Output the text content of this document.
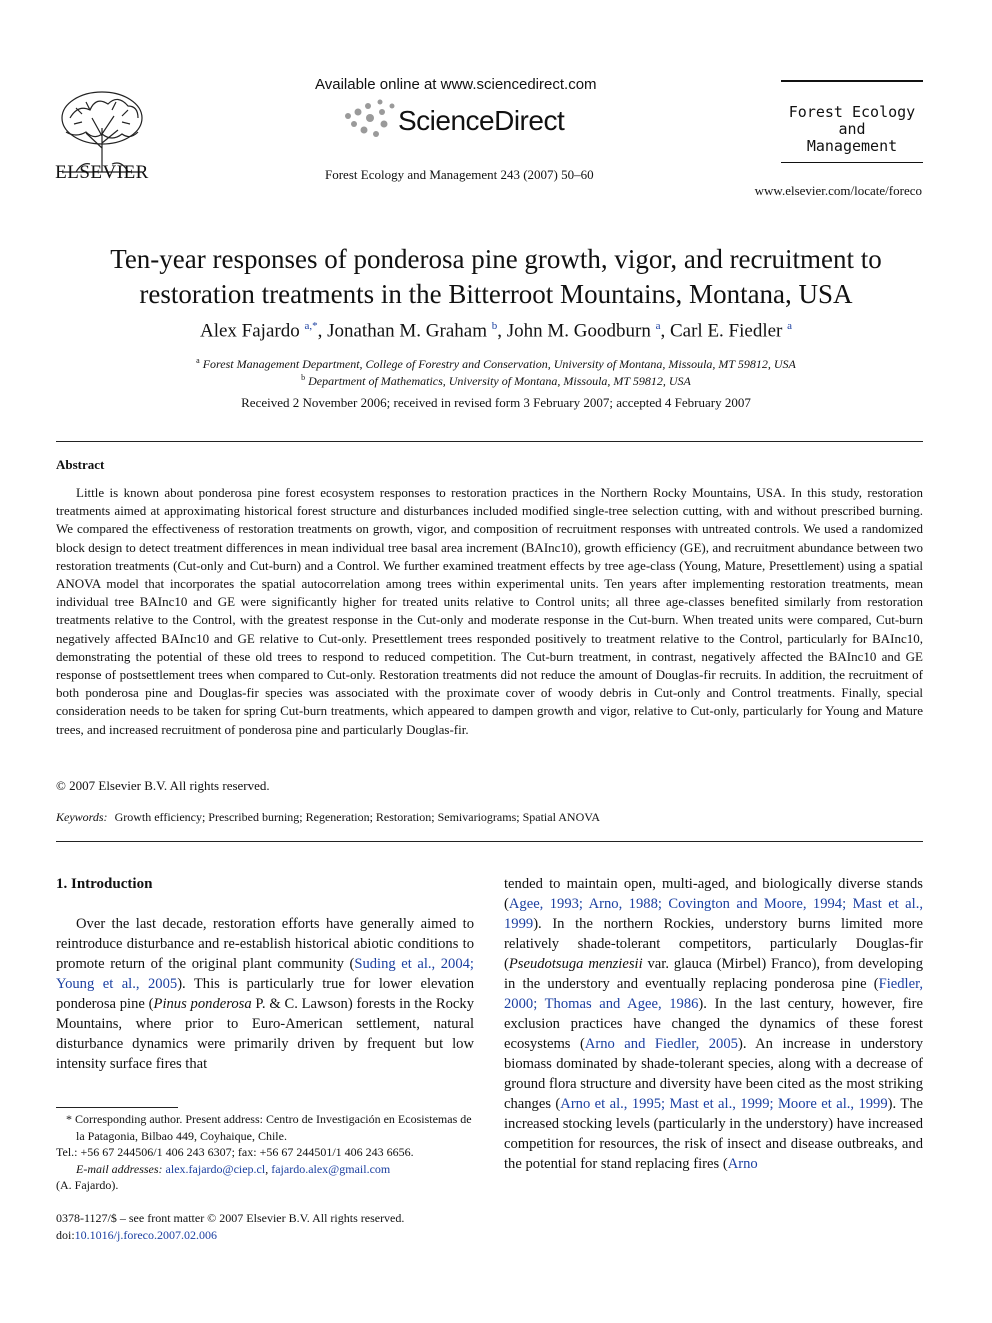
ELSEVIER
Available online at www.sciencedirect.com
ScienceDirect
Forest Ecology and Management 243 (2007) 50–60
Forest Ecology
and
Management
www.elsevier.com/locate/foreco
Ten-year responses of ponderosa pine growth, vigor, and recruitment to
restoration treatments in the Bitterroot Mountains, Montana, USA
Alex Fajardo $^{a,*}$, Jonathan M. Graham $^b$, John M. Goodburn $^a$, Carl E. Fiedler $^a$
$^a$ Forest Management Department, College of Forestry and Conservation, University of Montana, Missoula, MT 59812, USA
$^b$ Department of Mathematics, University of Montana, Missoula, MT 59812, USA
Received 2 November 2006; received in revised form 3 February 2007; accepted 4 February 2007
Abstract
Little is known about ponderosa pine forest ecosystem responses to restoration practices in the Northern Rocky Mountains, USA. In this study, restoration treatments aimed at approximating historical forest structure and disturbances included modified single-tree selection cutting, with and without prescribed burning. We compared the effectiveness of restoration treatments on growth, vigor, and composition of recruitment responses with untreated controls. We used a randomized block design to detect treatment differences in mean individual tree basal area increment (BAInc10), growth efficiency (GE), and recruitment abundance between two restoration treatments (Cut-only and Cut-burn) and a Control. We further examined treatment effects by tree age-class (Young, Mature, Presettlement) using a spatial ANOVA model that incorporates the spatial autocorrelation among trees within experimental units. Ten years after implementing restoration treatments, mean individual tree BAInc10 and GE were significantly higher for treated units relative to Control units; all three age-classes benefited similarly from restoration treatments relative to the Control, with the greatest response in the Cut-only and moderate response in the Cut-burn. When treated units were compared, Cut-burn negatively affected BAInc10 and GE relative to Cut-only. Presettlement trees responded positively to treatment relative to the Control, particularly for BAInc10, demonstrating the potential of these old trees to respond to reduced competition. The Cut-burn treatment, in contrast, negatively affected the BAInc10 and GE response of postsettlement trees when compared to Cut-only. Restoration treatments did not reduce the amount of Douglas-fir recruits. In addition, the recruitment of both ponderosa pine and Douglas-fir species was associated with the proximate cover of woody debris in Cut-only and Control treatments. Finally, special consideration needs to be taken for spring Cut-burn treatments, which appeared to dampen growth and vigor, relative to Cut-only, particularly for Young and Mature trees, and increased recruitment of ponderosa pine and particularly Douglas-fir.
© 2007 Elsevier B.V. All rights reserved.
Keywords: Growth efficiency; Prescribed burning; Regeneration; Restoration; Semivariograms; Spatial ANOVA
1. Introduction
Over the last decade, restoration efforts have generally aimed to reintroduce disturbance and re-establish historical abiotic conditions to promote return of the original plant community (Suding et al., 2004; Young et al., 2005). This is particularly true for lower elevation ponderosa pine (Pinus ponderosa P. & C. Lawson) forests in the Rocky Mountains, where prior to Euro-American settlement, natural disturbance dynamics were primarily driven by frequent but low intensity surface fires that
tended to maintain open, multi-aged, and biologically diverse stands (Agee, 1993; Arno, 1988; Covington and Moore, 1994; Mast et al., 1999). In the northern Rockies, understory burns limited more relatively shade-tolerant competitors, particularly Douglas-fir (Pseudotsuga menziesii var. glauca (Mirbel) Franco), from developing in the understory and eventually replacing ponderosa pine (Fiedler, 2000; Thomas and Agee, 1986). In the last century, however, fire exclusion practices have changed the dynamics of these forest ecosystems (Arno and Fiedler, 2005). An increase in understory biomass dominated by shade-tolerant species, along with a decrease of ground flora structure and diversity have been cited as the most striking changes (Arno et al., 1995; Mast et al., 1999; Moore et al., 1999). The increased stocking levels (particularly in the understory) have increased competition for resources, the risk of insect and disease outbreaks, and the potential for stand replacing fires (Arno
* Corresponding author. Present address: Centro de Investigación en Ecosistemas de la Patagonia, Bilbao 449, Coyhaique, Chile.
Tel.: +56 67 244506/1 406 243 6307; fax: +56 67 244501/1 406 243 6656.
E-mail addresses: alex.fajardo@ciep.cl, fajardo.alex@gmail.com
(A. Fajardo).
0378-1127/$ – see front matter © 2007 Elsevier B.V. All rights reserved.
doi:10.1016/j.foreco.2007.02.006
